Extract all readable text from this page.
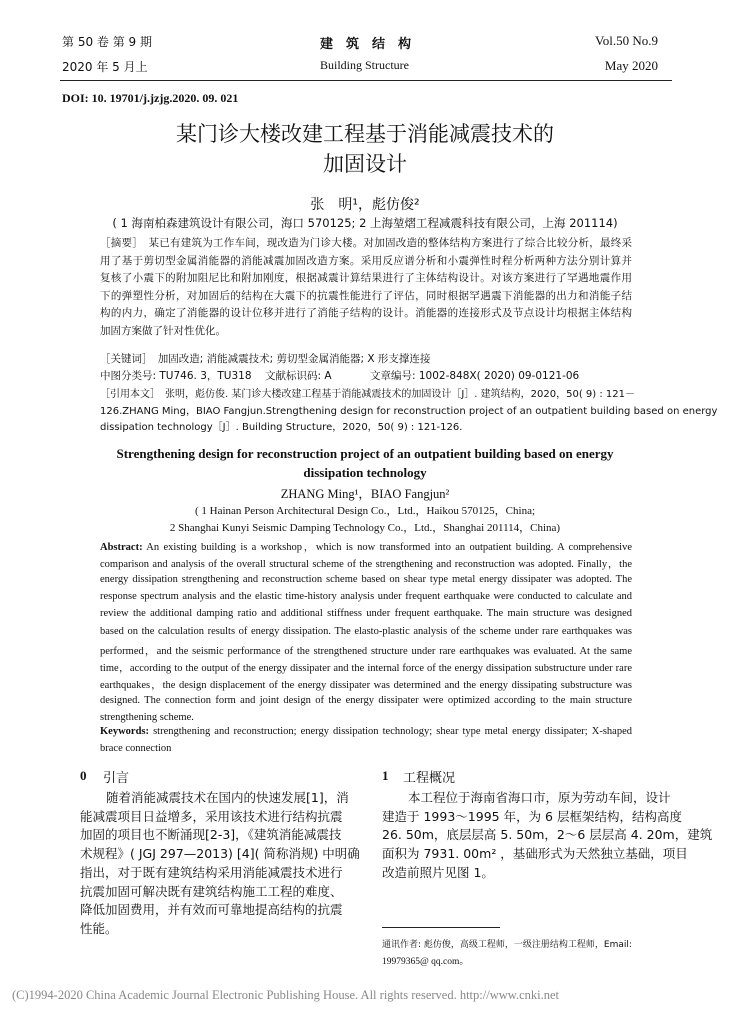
第 50 卷 第 9 期
2020 年 5 月上
建　筑　结　构
Building Structure
Vol.50 No.9
May 2020
DOI: 10. 19701/j.jzjg.2020. 09. 021
某门诊大楼改建工程基于消能减震技术的
加固设计
张　明¹，彪仿俊²
( 1 海南柏森建筑设计有限公司，海口 570125; 2 上海堃熠工程减震科技有限公司，上海 201114)
［摘要］　某已有建筑为工作车间，现改造为门诊大楼。对加固改造的整体结构方案进行了综合比较分析，最终采
用了基于剪切型金属消能器的消能减震加固改造方案。采用反应谱分析和小震弹性时程分析两种方法分别计算并
复核了小震下的附加阻尼比和附加刚度，根据减震计算结果进行了主体结构设计。对该方案进行了罕遇地震作用
下的弹塑性分析，对加固后的结构在大震下的抗震性能进行了评估，同时根据罕遇震下消能器的出力和消能子结
构的内力，确定了消能器的设计位移并进行了消能子结构的设计。消能器的连接形式及节点设计均根据主体结构
加固方案做了针对性优化。
［关键词］　加固改造; 消能减震技术; 剪切型金属消能器; X 形支撑连接
中图分类号: TU746. 3，TU318 文献标识码: A	文章编号: 1002-848X( 2020) 09-0121-06
［引用本文］　张明，彪仿俊. 某门诊大楼改建工程基于消能减震技术的加固设计［J］. 建筑结构，2020，50( 9) : 121－
126.ZHANG Ming，BIAO Fangjun.Strengthening design for reconstruction project of an outpatient building based on energy
dissipation technology［J］. Building Structure，2020，50( 9) : 121-126.
Strengthening design for reconstruction project of an outpatient building based on energy
dissipation technology
ZHANG Ming¹，BIAO Fangjun²
( 1 Hainan Person Architectural Design Co.，Ltd.，Haikou 570125，China;
2 Shanghai Kunyi Seismic Damping Technology Co.，Ltd.，Shanghai 201114，China)
Abstract: An existing building is a workshop，which is now transformed into an outpatient building. A comprehensive
comparison and analysis of the overall structural scheme of the strengthening and reconstruction was adopted. Finally，the
energy dissipation strengthening and reconstruction scheme based on shear type metal energy dissipater was adopted. The
response spectrum analysis and the elastic time-history analysis under frequent earthquake were conducted to calculate and
review the additional damping ratio and additional stiffness under frequent earthquake. The main structure was designed
based on the calculation results of energy dissipation. The elasto-plastic analysis of the scheme under rare earthquakes was
performed，and the seismic performance of the strengthened structure under rare earthquakes was evaluated. At the same
time，according to the output of the energy dissipater and the internal force of the energy dissipation substructure under rare
earthquakes，the design displacement of the energy dissipater was determined and the energy dissipating substructure was
designed. The connection form and joint design of the energy dissipater were optimized according to the main structure
strengthening scheme.
Keywords: strengthening and reconstruction; energy dissipation technology; shear type metal energy dissipater; X-shaped
brace connection
0 引言
随着消能减震技术在国内的快速发展[1]，消
能减震项目日益增多，采用该技术进行结构抗震
加固的项目也不断涌现[2-3]，《建筑消能减震技
术规程》( JGJ 297—2013) [4]( 简称消规) 中明确
指出，对于既有建筑结构采用消能减震技术进行
抗震加固可解决既有建筑结构施工工程的难度、
降低加固费用，并有效而可靠地提高结构的抗震
性能。
1 工程概况
本工程位于海南省海口市，原为劳动车间，设计
建造于 1993～1995 年，为 6 层框架结构，结构高度
26. 50m，底层层高 5. 50m，2～6 层层高 4. 20m，建筑
面积为 7931. 00m² ，基础形式为天然独立基础，项目
改造前照片见图 1。
通讯作者: 彪仿俊，高级工程师，一级注册结构工程师，Email:
19979365@ qq.com。
(C)1994-2020 China Academic Journal Electronic Publishing House. All rights reserved. http://www.cnki.net
